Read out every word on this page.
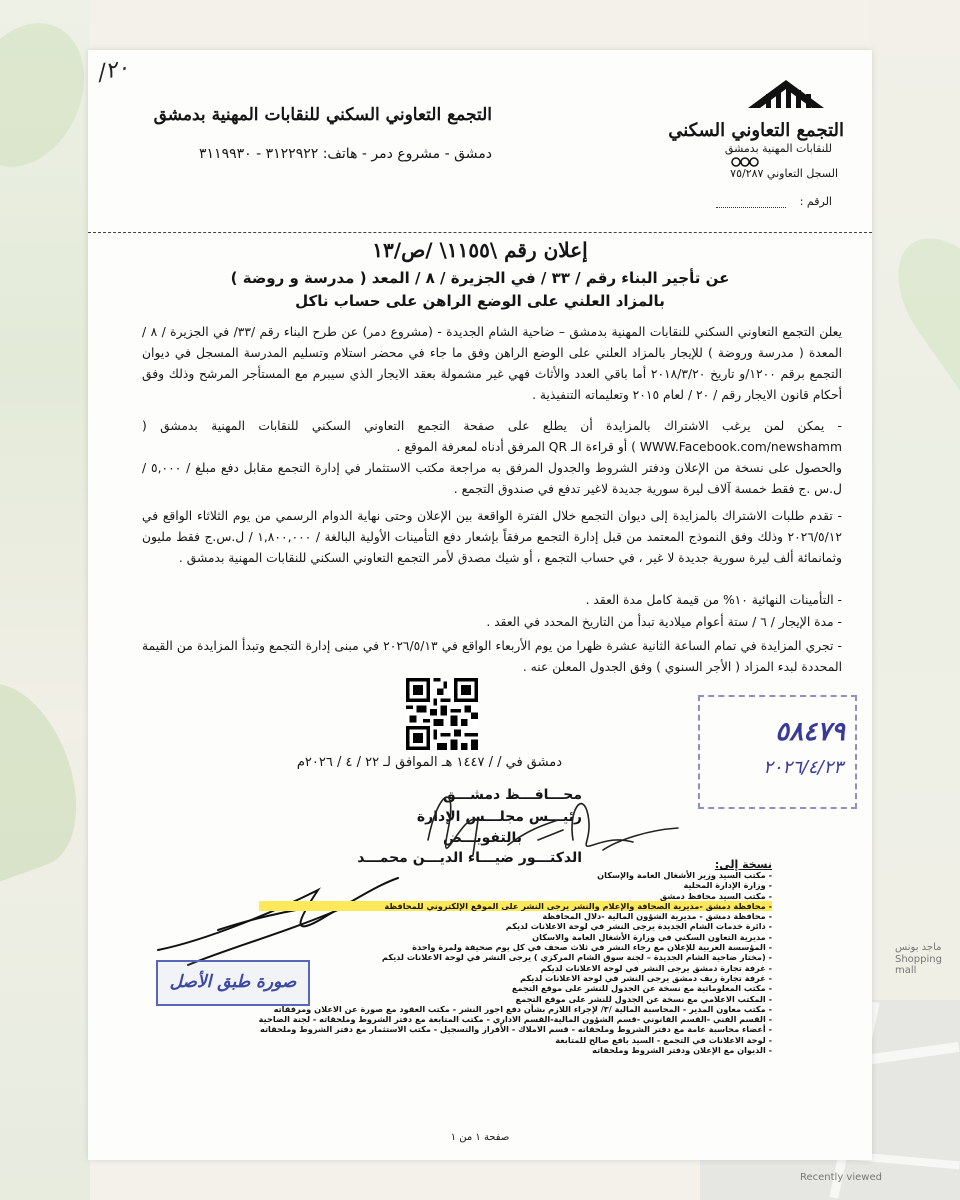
ماجد بونس
Shopping mall
Recently viewed
٢٠/
التجمع التعاوني السكني للنقابات المهنية بدمشق
دمشق - مشروع دمر - هاتف: ٣١٢٢٩٢٢ - ٣١١٩٩٣٠
التجمع التعاوني السكني
للنقابات المهنية بدمشق
السجل التعاوني ٧٥/٢٨٧
الرقم :
إعلان رقم \١١٥٥\ /ص/١٣
عن تأجير البناء رقم / ٣٣ / في الجزيرة / ٨ / المعد ( مدرسة و روضة )
بالمزاد العلني على الوضع الراهن على حساب ناكل
يعلن التجمع التعاوني السكني للنقابات المهنية بدمشق – ضاحية الشام الجديدة - (مشروع دمر) عن طرح البناء رقم /٣٣/ في الجزيرة / ٨ / المعدة ( مدرسة وروضة ) للإيجار بالمزاد العلني على الوضع الراهن وفق ما جاء في محضر استلام وتسليم المدرسة المسجل في ديوان التجمع برقم ١٢٠٠/و تاريخ ٢٠١٨/٣/٢٠ أما باقي العدد والأثاث فهي غير مشمولة بعقد الايجار الذي سيبرم مع المستأجر المرشح وذلك وفق أحكام قانون الايجار رقم / ٢٠ / لعام ٢٠١٥ وتعليماته التنفيذية .
- يمكن لمن يرغب الاشتراك بالمزايدة أن يطلع على صفحة التجمع التعاوني السكني للنقابات المهنية بدمشق ( WWW.Facebook.com/newshamm ) أو قراءة الـ QR المرفق أدناه لمعرفة الموقع .
والحصول على نسخة من الإعلان ودفتر الشروط والجدول المرفق به مراجعة مكتب الاستثمار في إدارة التجمع مقابل دفع مبلغ / ٥,٠٠٠ / ل.س .ج فقط خمسة آلاف ليرة سورية جديدة لاغير تدفع في صندوق التجمع .
- تقدم طلبات الاشتراك بالمزايدة إلى ديوان التجمع خلال الفترة الواقعة بين الإعلان وحتى نهاية الدوام الرسمي من يوم الثلاثاء الواقع في ٢٠٢٦/٥/١٢ وذلك وفق النموذج المعتمد من قبل إدارة التجمع مرفقاً بإشعار دفع التأمينات الأولية البالغة / ١,٨٠٠,٠٠٠ / ل.س.ج فقط مليون وثمانمائة ألف ليرة سورية جديدة لا غير ، في حساب التجمع ، أو شيك مصدق لأمر التجمع التعاوني السكني للنقابات المهنية بدمشق .
- التأمينات النهائية ١٠% من قيمة كامل مدة العقد .
- مدة الإيجار / ٦ / ستة أعوام ميلادية تبدأ من التاريخ المحدد في العقد .
- تجري المزايدة في تمام الساعة الثانية عشرة ظهرا من يوم الأربعاء الواقع في ٢٠٢٦/٥/١٣ في مبنى إدارة التجمع وتبدأ المزايدة من القيمة المحددة لبدء المزاد ( الأجر السنوي ) وفق الجدول المعلن عنه .
٥٨٤٧٩
٢٠٢٦/٤/٢٣
دمشق في / / ١٤٤٧ هـ الموافق لـ ٢٢ / ٤ / ٢٠٢٦م
محـــافـــظ دمشـــق
رئيـــس مجلـــس الإدارة
بالتفويـــض
الدكتـــور ضيـــاء الديـــن محمـــد
صورة طبق الأصل
نسخة إلى:
- مكتب السيد وزير الأشغال العامة والإسكان
- وزارة الإدارة المحلية
- مكتب السيد محافظ دمشق
- محافظة دمشق -مديرية الصحافة والإعلام والنشر يرجى النشر على الموقع الإلكتروني للمحافظة
- محافظة دمشق - مديرية الشؤون المالية -دلال المحافظة
- دائرة خدمات الشام الجديدة يرجى النشر في لوحة الاعلانات لديكم
- مديرية التعاون السكني في وزارة الأشغال العامة والاسكان
- المؤسسة العربية للإعلان مع رجاء النشر في ثلاث صحف في كل يوم صحيفة ولمرة واحدة
- (مختار ضاحية الشام الجديدة – لجنة سوق الشام المركزي ) يرجى النشر في لوحة الاعلانات لديكم
- غرفة تجارة دمشق يرجى النشر في لوحة الاعلانات لديكم
- غرفة تجارة ريف دمشق يرجى النشر في لوحة الاعلانات لديكم
- مكتب المعلوماتية مع نسخة عن الجدول للنشر على موقع التجمع
- المكتب الاعلامي مع نسخة عن الجدول للنشر على موقع التجمع
- مكتب معاون المدير - المحاسبة المالية /٣/ لإجراء اللازم بشأن دفع اجور النشر - مكتب العقود مع صورة عن الاعلان ومرفقاته
- القسم الفني -القسم القانوني -قسم الشؤون المالية-القسم الاداري - مكتب المتابعة مع دفتر الشروط وملحقاته - لجنة الضاحية
- أعضاء محاسبة عامة مع دفتر الشروط وملحقاته - قسم الاملاك - الأفراز والتسجيل - مكتب الاستثمار مع دفتر الشروط وملحقاته
- لوحة الاعلانات في التجمع - السيد بافع صالح للمتابعة
- الديوان مع الإعلان ودفتر الشروط وملحقاته
صفحة ١ من ١
